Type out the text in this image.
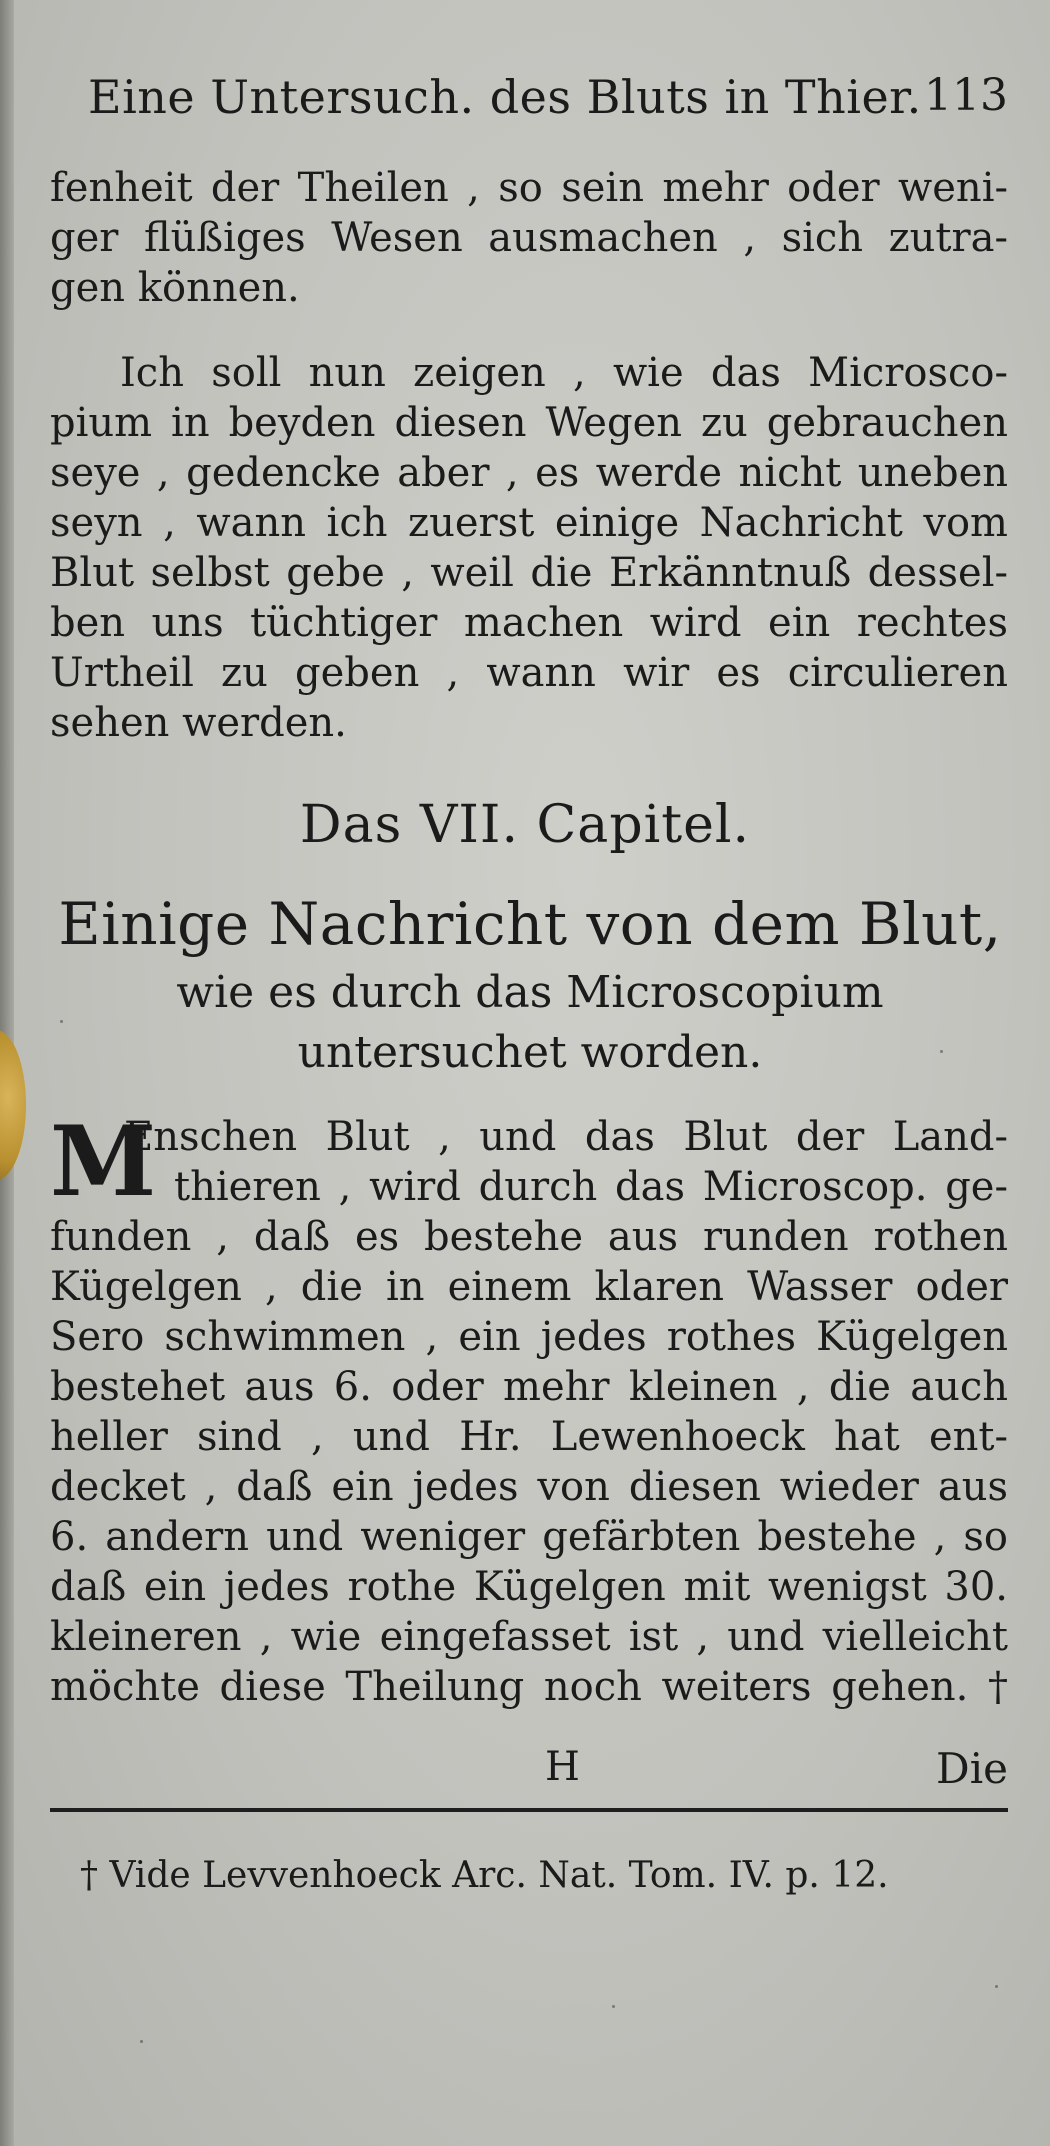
Eine Untersuch. des Bluts in Thier. 113
fenheit der Theilen , so sein mehr oder weni-
ger flüßiges Wesen ausmachen , sich zutra-
gen können.
Ich soll nun zeigen , wie das Microsco-
pium in beyden diesen Wegen zu gebrauchen
seye , gedencke aber , es werde nicht uneben
seyn , wann ich zuerst einige Nachricht vom
Blut selbst gebe , weil die Erkänntnuß dessel-
ben uns tüchtiger machen wird ein rechtes
Urtheil zu geben , wann wir es circulieren
sehen werden.
Das VII. Capitel.
Einige Nachricht von dem Blut,
wie es durch das Microscopium
untersuchet worden.
M
Enschen Blut , und das Blut der Land-
thieren , wird durch das Microscop. ge-
funden , daß es bestehe aus runden rothen
Kügelgen , die in einem klaren Wasser oder
Sero schwimmen , ein jedes rothes Kügelgen
bestehet aus 6. oder mehr kleinen , die auch
heller sind , und Hr. Lewenhoeck hat ent-
decket , daß ein jedes von diesen wieder aus
6. andern und weniger gefärbten bestehe , so
daß ein jedes rothe Kügelgen mit wenigst 30.
kleineren , wie eingefasset ist , und vielleicht
möchte diese Theilung noch weiters gehen. †
H	Die
† Vide Levvenhoeck Arc. Nat. Tom. IV. p. 12.
